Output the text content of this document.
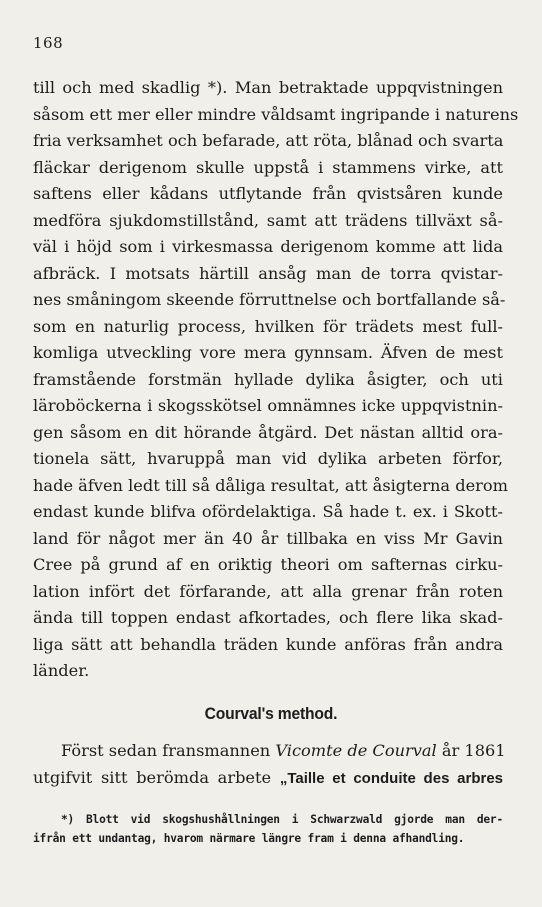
168
till och med skadlig *). Man betraktade uppqvistningen
såsom ett mer eller mindre våldsamt ingripande i naturens
fria verksamhet och befarade, att röta, blånad och svarta
fläckar derigenom skulle uppstå i stammens virke, att
saftens eller kådans utflytande från qvistsåren kunde
medföra sjukdomstillstånd, samt att trädens tillväxt så-
väl i höjd som i virkesmassa derigenom komme att lida
afbräck. I motsats härtill ansåg man de torra qvistar-
nes småningom skeende förruttnelse och bortfallande så-
som en naturlig process, hvilken för trädets mest full-
komliga utveckling vore mera gynnsam. Äfven de mest
framstående forstmän hyllade dylika åsigter, och uti
läroböckerna i skogsskötsel omnämnes icke uppqvistnin-
gen såsom en dit hörande åtgärd. Det nästan alltid ora-
tionela sätt, hvaruppå man vid dylika arbeten förfor,
hade äfven ledt till så dåliga resultat, att åsigterna derom
endast kunde blifva ofördelaktiga. Så hade t. ex. i Skott-
land för något mer än 40 år tillbaka en viss Mr Gavin
Cree på grund af en oriktig theori om safternas cirku-
lation infört det förfarande, att alla grenar från roten
ända till toppen endast afkortades, och flere lika skad-
liga sätt att behandla träden kunde anföras från andra
länder.
Courval's method.
Först sedan fransmannen Vicomte de Courval år 1861
utgifvit sitt berömda arbete „Taille et conduite des arbres
*) Blott vid skogshushållningen i Schwarzwald gjorde man der-
ifrån ett undantag, hvarom närmare längre fram i denna afhandling.
